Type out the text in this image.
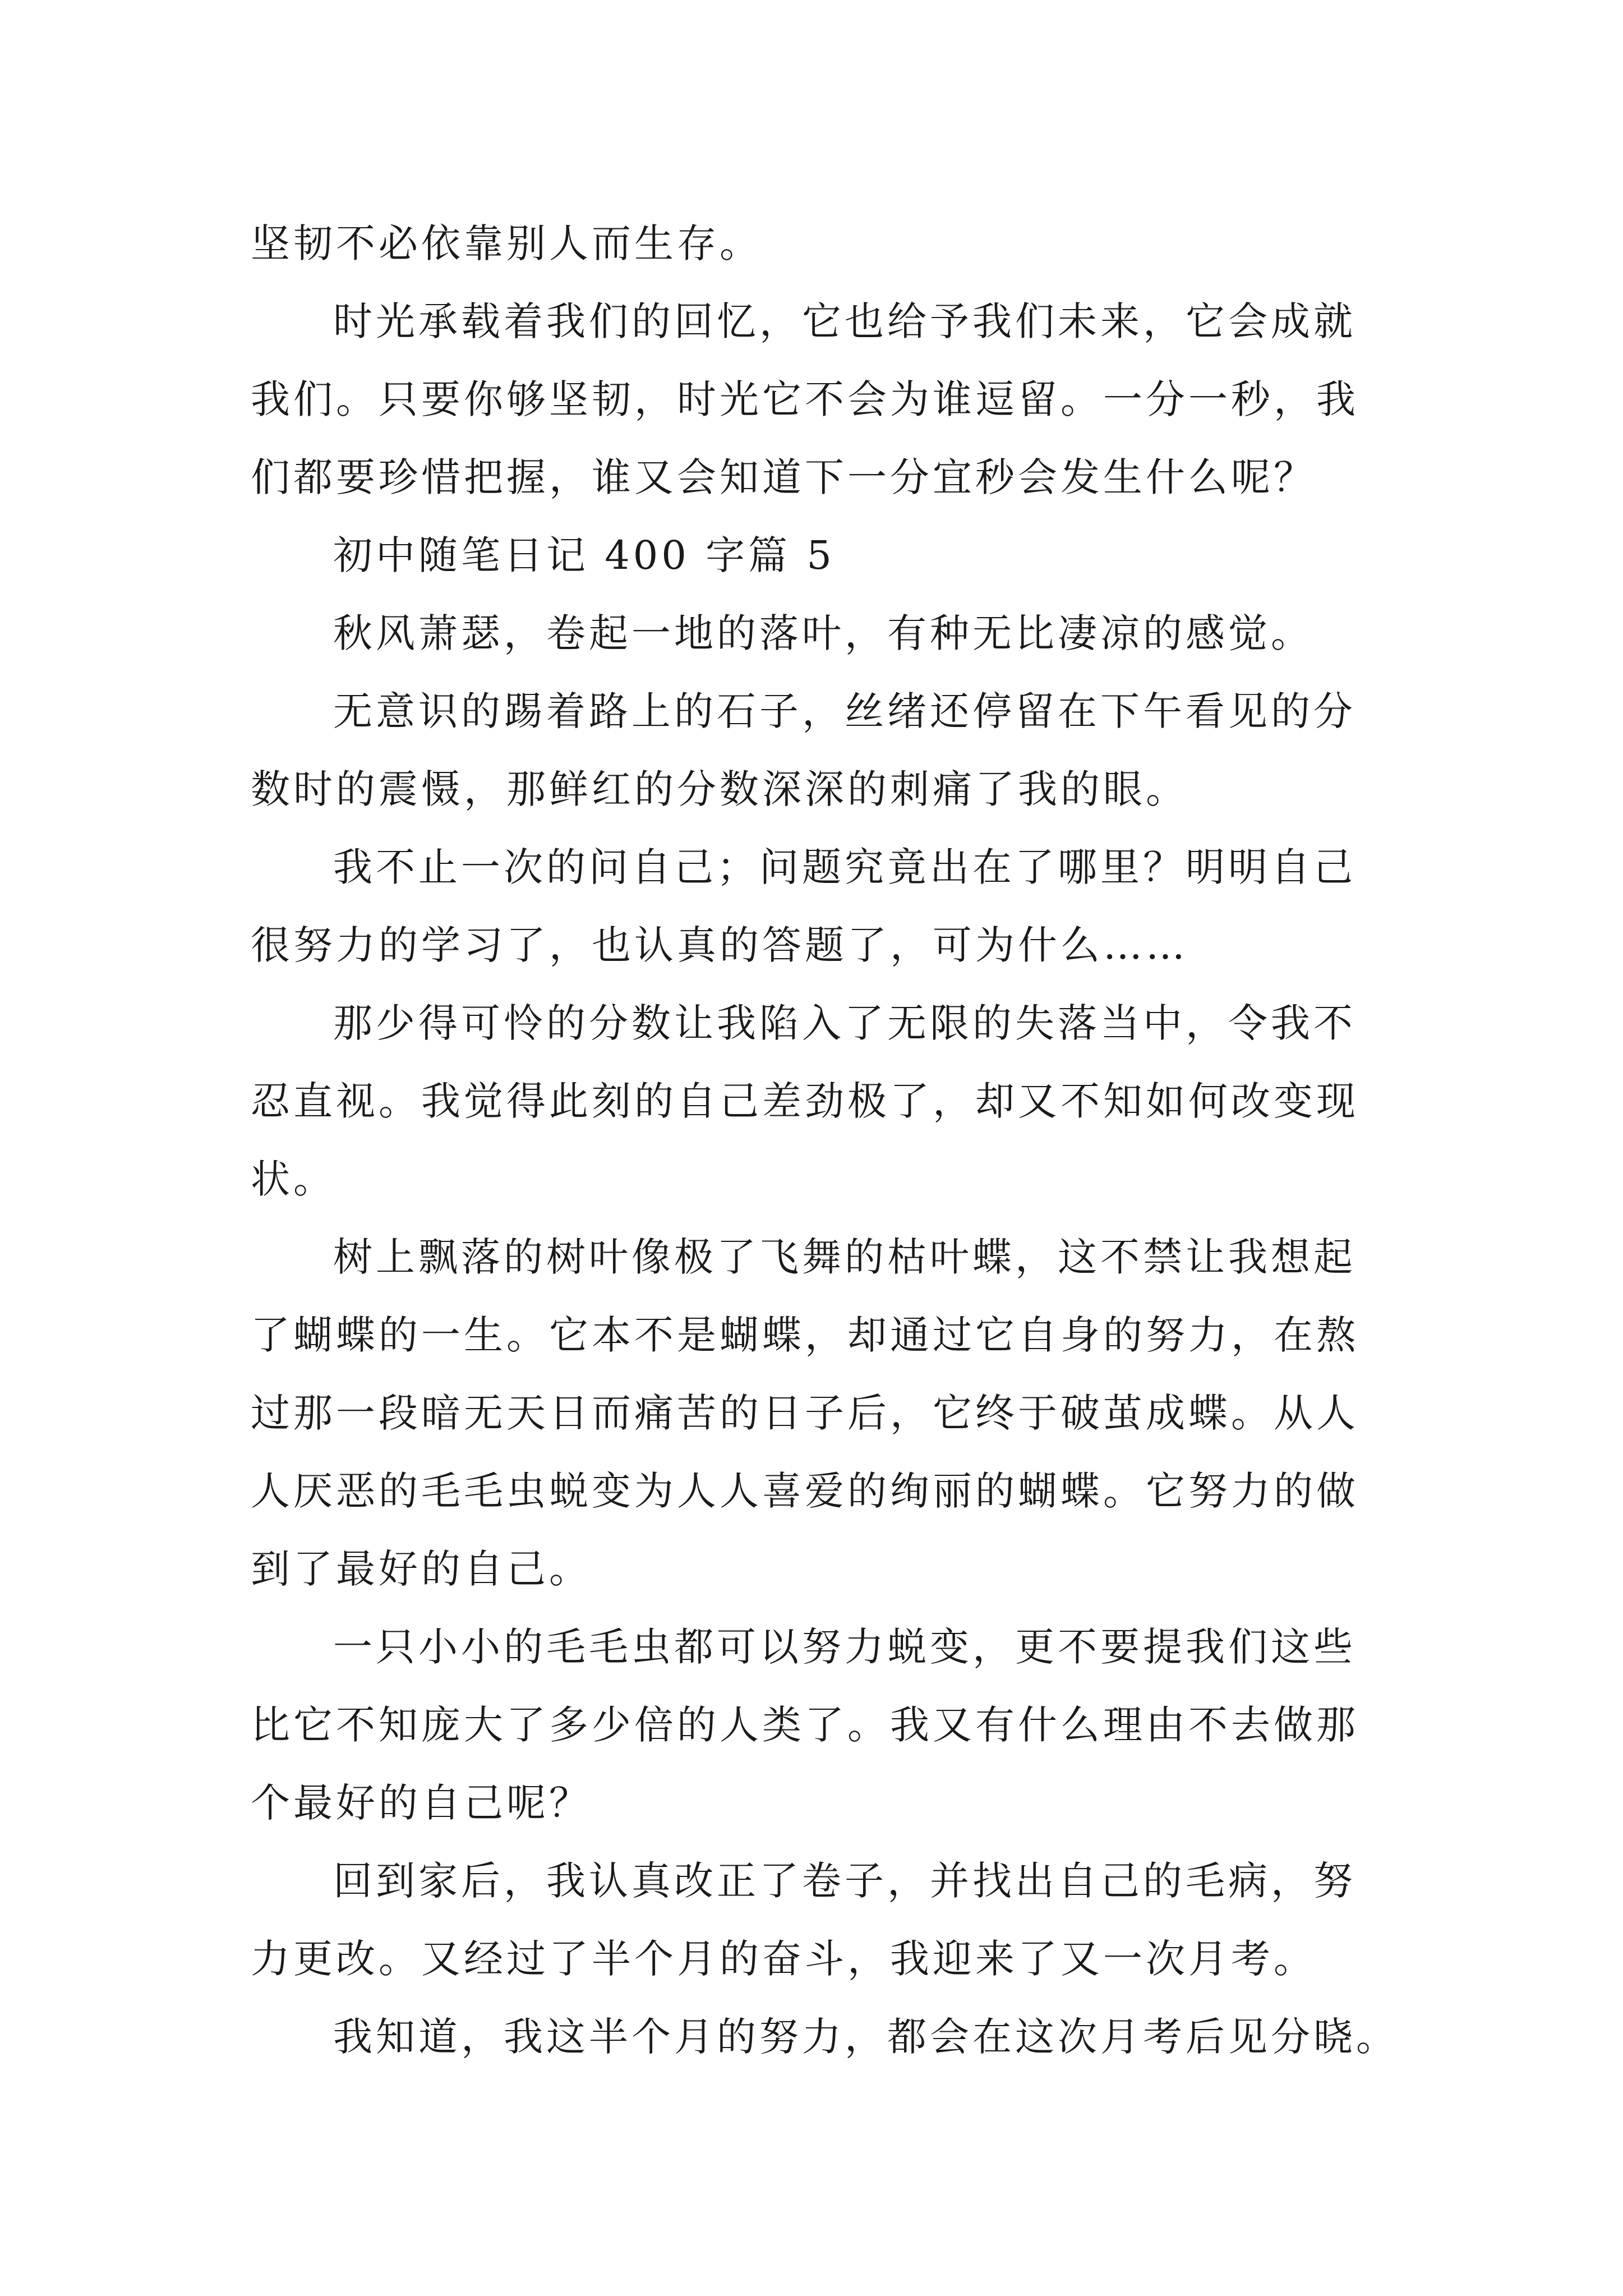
坚韧不必依靠别人而生存。

时光承载着我们的回忆，它也给予我们未来，它会成就
我们。只要你够坚韧，时光它不会为谁逗留。一分一秒，我
们都要珍惜把握，谁又会知道下一分宜秒会发生什么呢？

初中随笔日记 400 字篇 5

秋风萧瑟，卷起一地的落叶，有种无比凄凉的感觉。

无意识的踢着路上的石子，丝绪还停留在下午看见的分
数时的震慑，那鲜红的分数深深的刺痛了我的眼。

我不止一次的问自己；问题究竟出在了哪里？明明自己
很努力的学习了，也认真的答题了，可为什么……

那少得可怜的分数让我陷入了无限的失落当中，令我不
忍直视。我觉得此刻的自己差劲极了，却又不知如何改变现
状。

树上飘落的树叶像极了飞舞的枯叶蝶，这不禁让我想起
了蝴蝶的一生。它本不是蝴蝶，却通过它自身的努力，在熬
过那一段暗无天日而痛苦的日子后，它终于破茧成蝶。从人
人厌恶的毛毛虫蜕变为人人喜爱的绚丽的蝴蝶。它努力的做
到了最好的自己。

一只小小的毛毛虫都可以努力蜕变，更不要提我们这些
比它不知庞大了多少倍的人类了。我又有什么理由不去做那
个最好的自己呢？

回到家后，我认真改正了卷子，并找出自己的毛病，努
力更改。又经过了半个月的奋斗，我迎来了又一次月考。

我知道，我这半个月的努力，都会在这次月考后见分晓。
